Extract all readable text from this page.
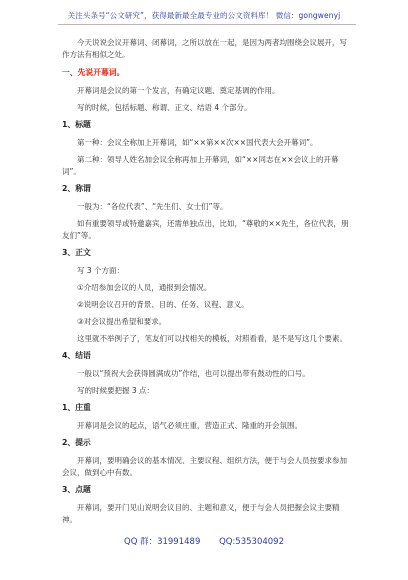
关注头条号“公文研究”，获得最新最全最专业的公文资料库！ 微信：gongwenyj
今天说说会议开幕词、闭幕词，之所以放在一起，是因为两者均围绕会议展开，写作方法有相似之处。
一、先说开幕词。
开幕词是会议的第一个发言，有确定议题、奠定基调的作用。
写的时候，包括标题、称谓、正文、结语 4 个部分。
1、标题
第一种：会议全称加上开幕词，如“××第××次××国代表大会开幕词”。
第二种：领导人姓名加会议全称再加上开幕词，如“××同志在××会议上的开幕词”。
2、称谓
一般为：“各位代表”、“先生们、女士们”等。
如有重要领导或特邀嘉宾，还需单独点出，比如，“尊敬的××先生，各位代表，朋友们”等。
3、正文
写 3 个方面：
①介绍参加会议的人员，通报到会情况。
②说明会议召开的背景、目的、任务、议程、意义。
③对会议提出希望和要求。
这里就不举例子了，笔友们可以找相关的模板，对照看看，是不是写这几个要素。
4、结语
一般以“预祝大会获得圆满成功”作结，也可以提出带有鼓动性的口号。
写的时候要把握 3 点：
1、庄重
开幕词是会议的起点，语气必须庄重，营造正式、隆重的开会氛围。
2、提示
开幕词，要明确会议的基本情况、主要议程、组织方法，便于与会人员按要求参加会议，做到心中有数。
3、点题
开幕词，要开门见山说明会议目的、主题和意义，便于与会人员把握会议主要精神。
QQ 群：31991489 QQ:535304092
